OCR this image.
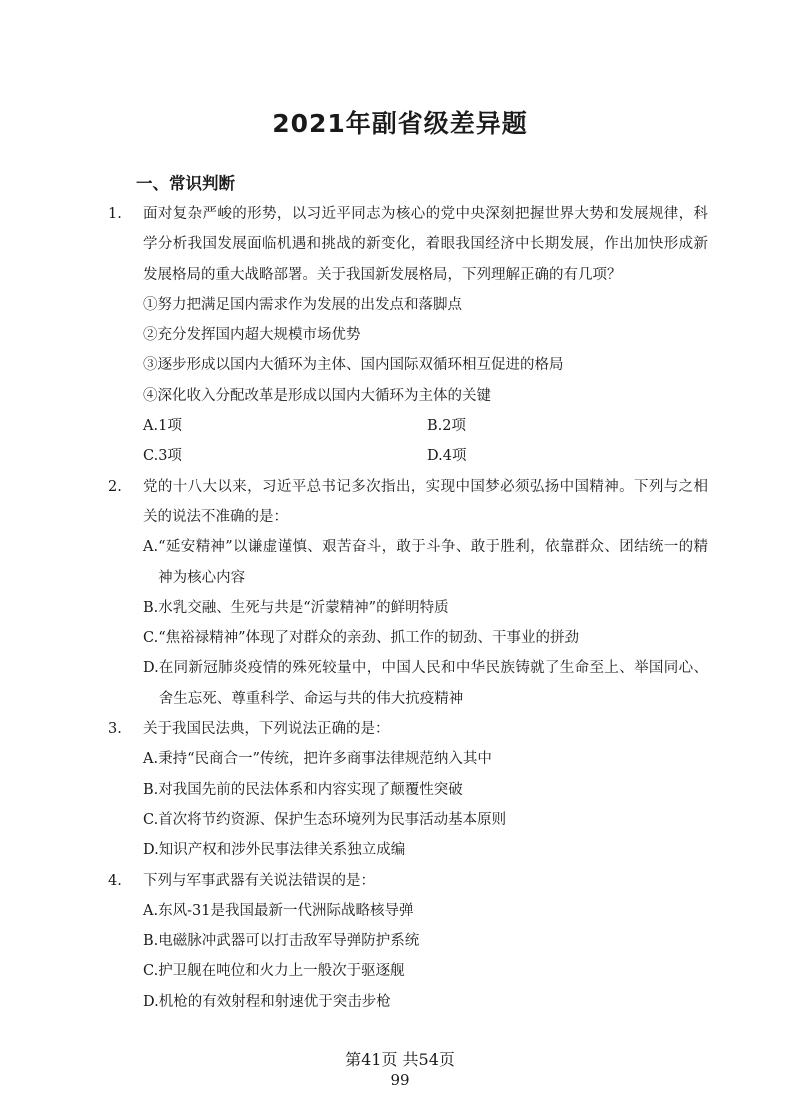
2021年副省级差异题
一、常识判断
1.	面对复杂严峻的形势，以习近平同志为核心的党中央深刻把握世界大势和发展规律，科学分析我国发展面临机遇和挑战的新变化，着眼我国经济中长期发展，作出加快形成新发展格局的重大战略部署。关于我国新发展格局，下列理解正确的有几项？
①努力把满足国内需求作为发展的出发点和落脚点
②充分发挥国内超大规模市场优势
③逐步形成以国内大循环为主体、国内国际双循环相互促进的格局
④深化收入分配改革是形成以国内大循环为主体的关键
A. 1项	B. 2项
C. 3项	D. 4项
2.	党的十八大以来，习近平总书记多次指出，实现中国梦必须弘扬中国精神。下列与之相关的说法不准确的是：
A. “延安精神”以谦虚谨慎、艰苦奋斗，敢于斗争、敢于胜利，依靠群众、团结统一的精神为核心内容
B. 水乳交融、生死与共是“沂蒙精神”的鲜明特质
C. “焦裕禄精神”体现了对群众的亲劲、抓工作的韧劲、干事业的拼劲
D. 在同新冠肺炎疫情的殊死较量中，中国人民和中华民族铸就了生命至上、举国同心、舍生忘死、尊重科学、命运与共的伟大抗疫精神
3.	关于我国民法典，下列说法正确的是：
A. 秉持“民商合一”传统，把许多商事法律规范纳入其中
B. 对我国先前的民法体系和内容实现了颠覆性突破
C. 首次将节约资源、保护生态环境列为民事活动基本原则
D. 知识产权和涉外民事法律关系独立成编
4.	下列与军事武器有关说法错误的是：
A. 东风-31是我国最新一代洲际战略核导弹
B. 电磁脉冲武器可以打击敌军导弹防护系统
C. 护卫舰在吨位和火力上一般次于驱逐舰
D. 机枪的有效射程和射速优于突击步枪
第41页 共54页
99
